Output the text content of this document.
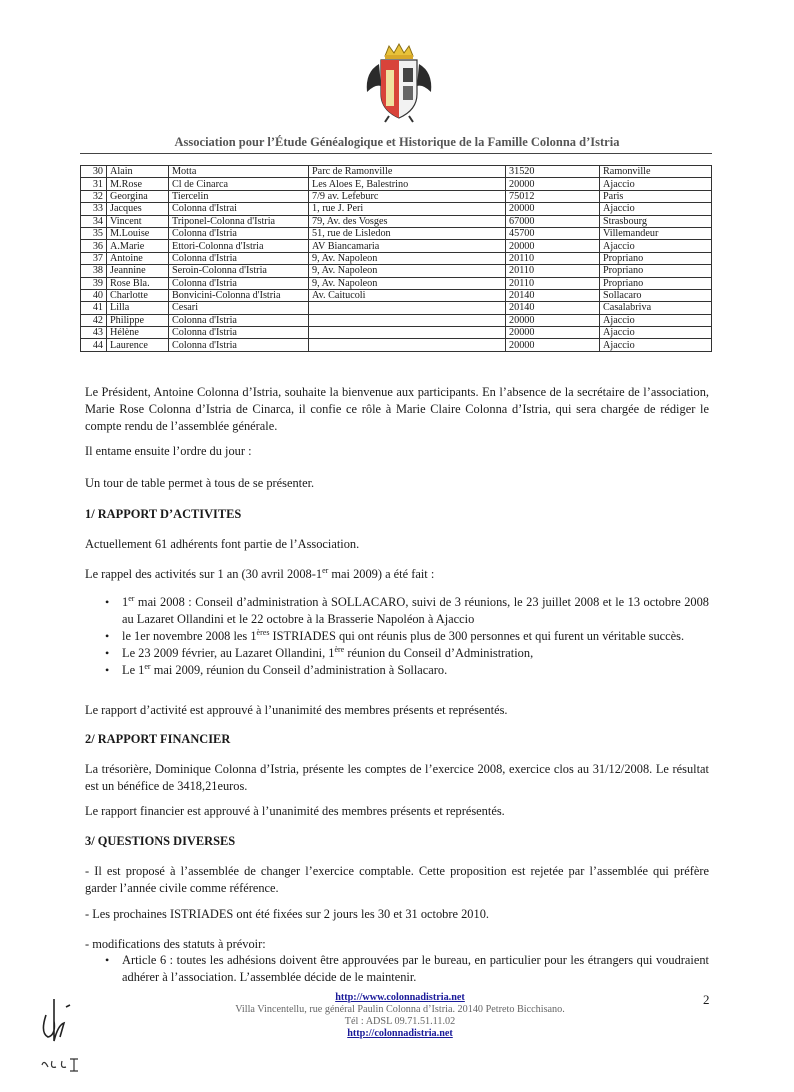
Association pour l’Étude Généalogique et Historique de la Famille Colonna d’Istria
30	Alain	Motta	Parc de Ramonville	31520	Ramonville
31	M.Rose	Cl de Cinarca	Les Aloes E, Balestrino	20000	Ajaccio
32	Georgina	Tiercelin	7/9 av. Lefeburc	75012	Paris
33	Jacques	Colonna d'Istrai	1, rue J. Peri	20000	Ajaccio
34	Vincent	Triponel-Colonna d'Istria	79, Av. des Vosges	67000	Strasbourg
35	M.Louise	Colonna d'Istria	51, rue de Lisledon	45700	Villemandeur
36	A.Marie	Ettori-Colonna d'Istria	AV Biancamaria	20000	Ajaccio
37	Antoine	Colonna d'Istria	9, Av. Napoleon	20110	Propriano
38	Jeannine	Seroin-Colonna d'Istria	9, Av. Napoleon	20110	Propriano
39	Rose Bla.	Colonna d'Istria	9, Av. Napoleon	20110	Propriano
40	Charlotte	Bonvicini-Colonna d'Istria	Av. Caitucoli	20140	Sollacaro
41	Lilla	Cesari		20140	Casalabriva
42	Philippe	Colonna d'Istria		20000	Ajaccio
43	Hélène	Colonna d'Istria		20000	Ajaccio
44	Laurence	Colonna d'Istria		20000	Ajaccio

Le Président, Antoine Colonna d’Istria, souhaite la bienvenue aux participants. En l’absence de la secrétaire de l’association, Marie Rose Colonna d’Istria de Cinarca, il confie ce rôle à Marie Claire Colonna d’Istria, qui sera chargée de rédiger le compte rendu de l’assemblée générale.

Il entame ensuite l’ordre du jour :

Un tour de table permet à tous de se présenter.

1/ RAPPORT D’ACTIVITES

Actuellement 61 adhérents font partie de l’Association.

Le rappel des activités sur 1 an (30 avril 2008-1er mai 2009) a été fait :

• 1er mai 2008 : Conseil d’administration à SOLLACARO, suivi de 3 réunions, le 23 juillet 2008 et le 13 octobre 2008 au Lazaret Ollandini et le 22 octobre à la Brasserie Napoléon à Ajaccio
• le 1er novembre 2008 les 1ères ISTRIADES qui ont réunis plus de 300 personnes et qui furent un véritable succès.
• Le 23 2009 février, au Lazaret Ollandini, 1ère réunion du Conseil d’Administration,
• Le 1er mai 2009, réunion du Conseil d’administration à Sollacaro.

Le rapport d’activité est approuvé à l’unanimité des membres présents et représentés.

2/ RAPPORT FINANCIER

La trésorière, Dominique Colonna d’Istria, présente les comptes de l’exercice 2008, exercice clos au 31/12/2008. Le résultat est un bénéfice de 3418,21euros.

Le rapport financier est approuvé à l’unanimité des membres présents et représentés.

3/ QUESTIONS DIVERSES

- Il est proposé à l’assemblée de changer l’exercice comptable. Cette proposition est rejetée par l’assemblée qui préfère garder l’année civile comme référence.

- Les prochaines ISTRIADES ont été fixées sur 2 jours les 30 et 31 octobre 2010.

- modifications des statuts à prévoir:

• Article 6 : toutes les adhésions doivent être approuvées par le bureau, en particulier pour les étrangers qui voudraient adhérer à l’association. L’assemblée décide de le maintenir.
http://www.colonnadistria.net
Villa Vincentellu, rue général Paulin Colonna d’Istria. 20140 Petreto Bicchisano.
Tél : ADSL 09.71.51.11.02
http://colonnadistria.net
2
